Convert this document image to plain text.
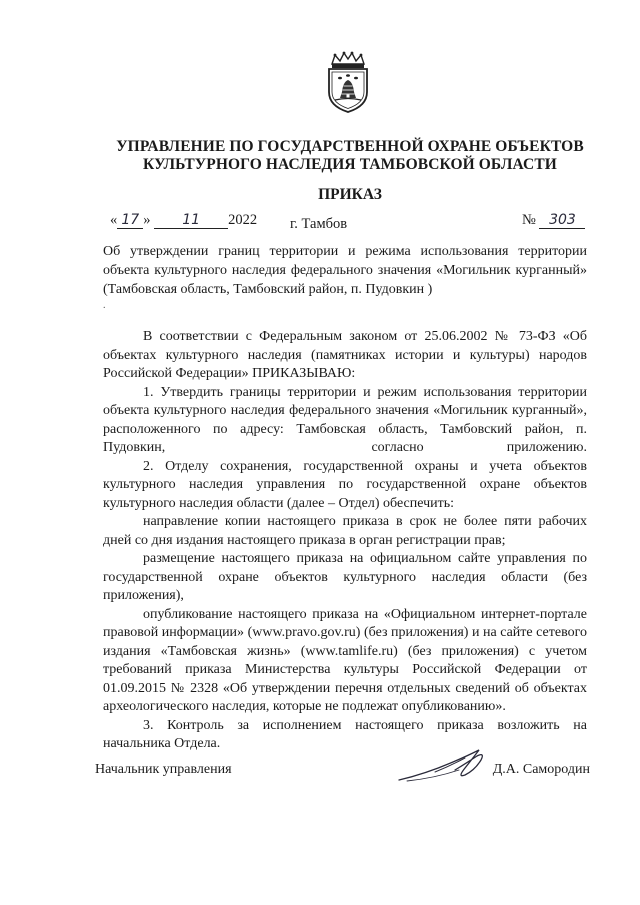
УПРАВЛЕНИЕ ПО ГОСУДАРСТВЕННОЙ ОХРАНЕ ОБЪЕКТОВ
КУЛЬТУРНОГО НАСЛЕДИЯ ТАМБОВСКОЙ ОБЛАСТИ
ПРИКАЗ
« 17 » 11 2022 г. Тамбов	№ 303
Об утверждении границ территории и режима использования территории объекта культурного наследия федерального значения «Могильник курганный» (Тамбовская область, Тамбовский район, п. Пудовкин )
.

В соответствии с Федеральным законом от 25.06.2002 № 73-ФЗ «Об объектах культурного наследия (памятниках истории и культуры) народов Российской Федерации» ПРИКАЗЫВАЮ:

1. Утвердить границы территории и режим использования территории объекта культурного наследия федерального значения «Могильник курганный», расположенного по адресу: Тамбовская область, Тамбовский район, п. Пудовкин,	согласно приложению.

2. Отделу сохранения, государственной охраны и учета объектов культурного наследия управления по государственной охране объектов культурного наследия области (далее – Отдел) обеспечить:

направление копии настоящего приказа в срок не более пяти рабочих дней со дня издания настоящего приказа в орган регистрации прав;

размещение настоящего приказа на официальном сайте управления по государственной охране объектов культурного наследия области (без приложения),

опубликование настоящего приказа на «Официальном интернет-портале правовой информации» (www.pravo.gov.ru) (без приложения) и на сайте сетевого издания «Тамбовская жизнь» (www.tamlife.ru) (без приложения) с учетом требований приказа Министерства культуры Российской Федерации от 01.09.2015 № 2328 «Об утверждении перечня отдельных сведений об объектах археологического наследия, которые не подлежат опубликованию».

3. Контроль за исполнением настоящего приказа возложить на начальника Отдела.

Начальник управления	Д.А. Самородин
